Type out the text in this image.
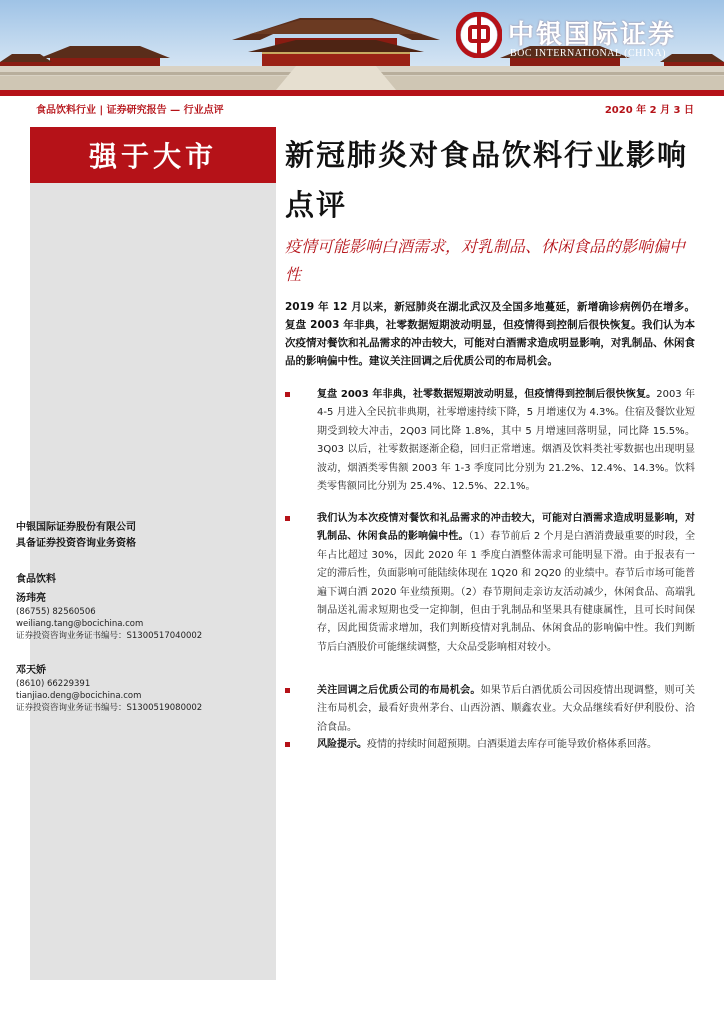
中银国际证券
BOC INTERNATIONAL (CHINA)
食品饮料行业 | 证券研究报告 — 行业点评	2020 年 2 月 3 日
强于大市
中银国际证券股份有限公司
具备证券投资咨询业务资格
食品饮料
汤玮亮
(86755) 82560506
weiliang.tang@bocichina.com
证券投资咨询业务证书编号：S1300517040002
邓天娇
(8610) 66229391
tianjiao.deng@bocichina.com
证券投资咨询业务证书编号：S1300519080002
新冠肺炎对食品饮料行业影响点评
疫情可能影响白酒需求，对乳制品、休闲食品的影响偏中性
2019 年 12 月以来，新冠肺炎在湖北武汉及全国多地蔓延，新增确诊病例仍在增多。复盘 2003 年非典，社零数据短期波动明显，但疫情得到控制后很快恢复。我们认为本次疫情对餐饮和礼品需求的冲击较大，可能对白酒需求造成明显影响，对乳制品、休闲食品的影响偏中性。建议关注回调之后优质公司的布局机会。
复盘 2003 年非典，社零数据短期波动明显，但疫情得到控制后很快恢复。2003 年 4-5 月进入全民抗非典期，社零增速持续下降，5 月增速仅为 4.3%。住宿及餐饮业短期受到较大冲击，2Q03 同比降 1.8%，其中 5 月增速回落明显，同比降 15.5%。3Q03 以后，社零数据逐渐企稳，回归正常增速。烟酒及饮料类社零数据也出现明显波动，烟酒类零售额 2003 年 1-3 季度同比分别为 21.2%、12.4%、14.3%。饮料类零售额同比分别为 25.4%、12.5%、22.1%。
我们认为本次疫情对餐饮和礼品需求的冲击较大，可能对白酒需求造成明显影响，对乳制品、休闲食品的影响偏中性。（1）春节前后 2 个月是白酒消费最重要的时段，全年占比超过 30%，因此 2020 年 1 季度白酒整体需求可能明显下滑。由于报表有一定的滞后性，负面影响可能陆续体现在 1Q20 和 2Q20 的业绩中。春节后市场可能普遍下调白酒 2020 年业绩预期。（2）春节期间走亲访友活动减少，休闲食品、高端乳制品送礼需求短期也受一定抑制，但由于乳制品和坚果具有健康属性，且可长时间保存，因此囤货需求增加，我们判断疫情对乳制品、休闲食品的影响偏中性。我们判断节后白酒股价可能继续调整，大众品受影响相对较小。
关注回调之后优质公司的布局机会。如果节后白酒优质公司因疫情出现调整，则可关注布局机会，最看好贵州茅台、山西汾酒、顺鑫农业。大众品继续看好伊利股份、洽洽食品。
风险提示。疫情的持续时间超预期。白酒渠道去库存可能导致价格体系回落。
